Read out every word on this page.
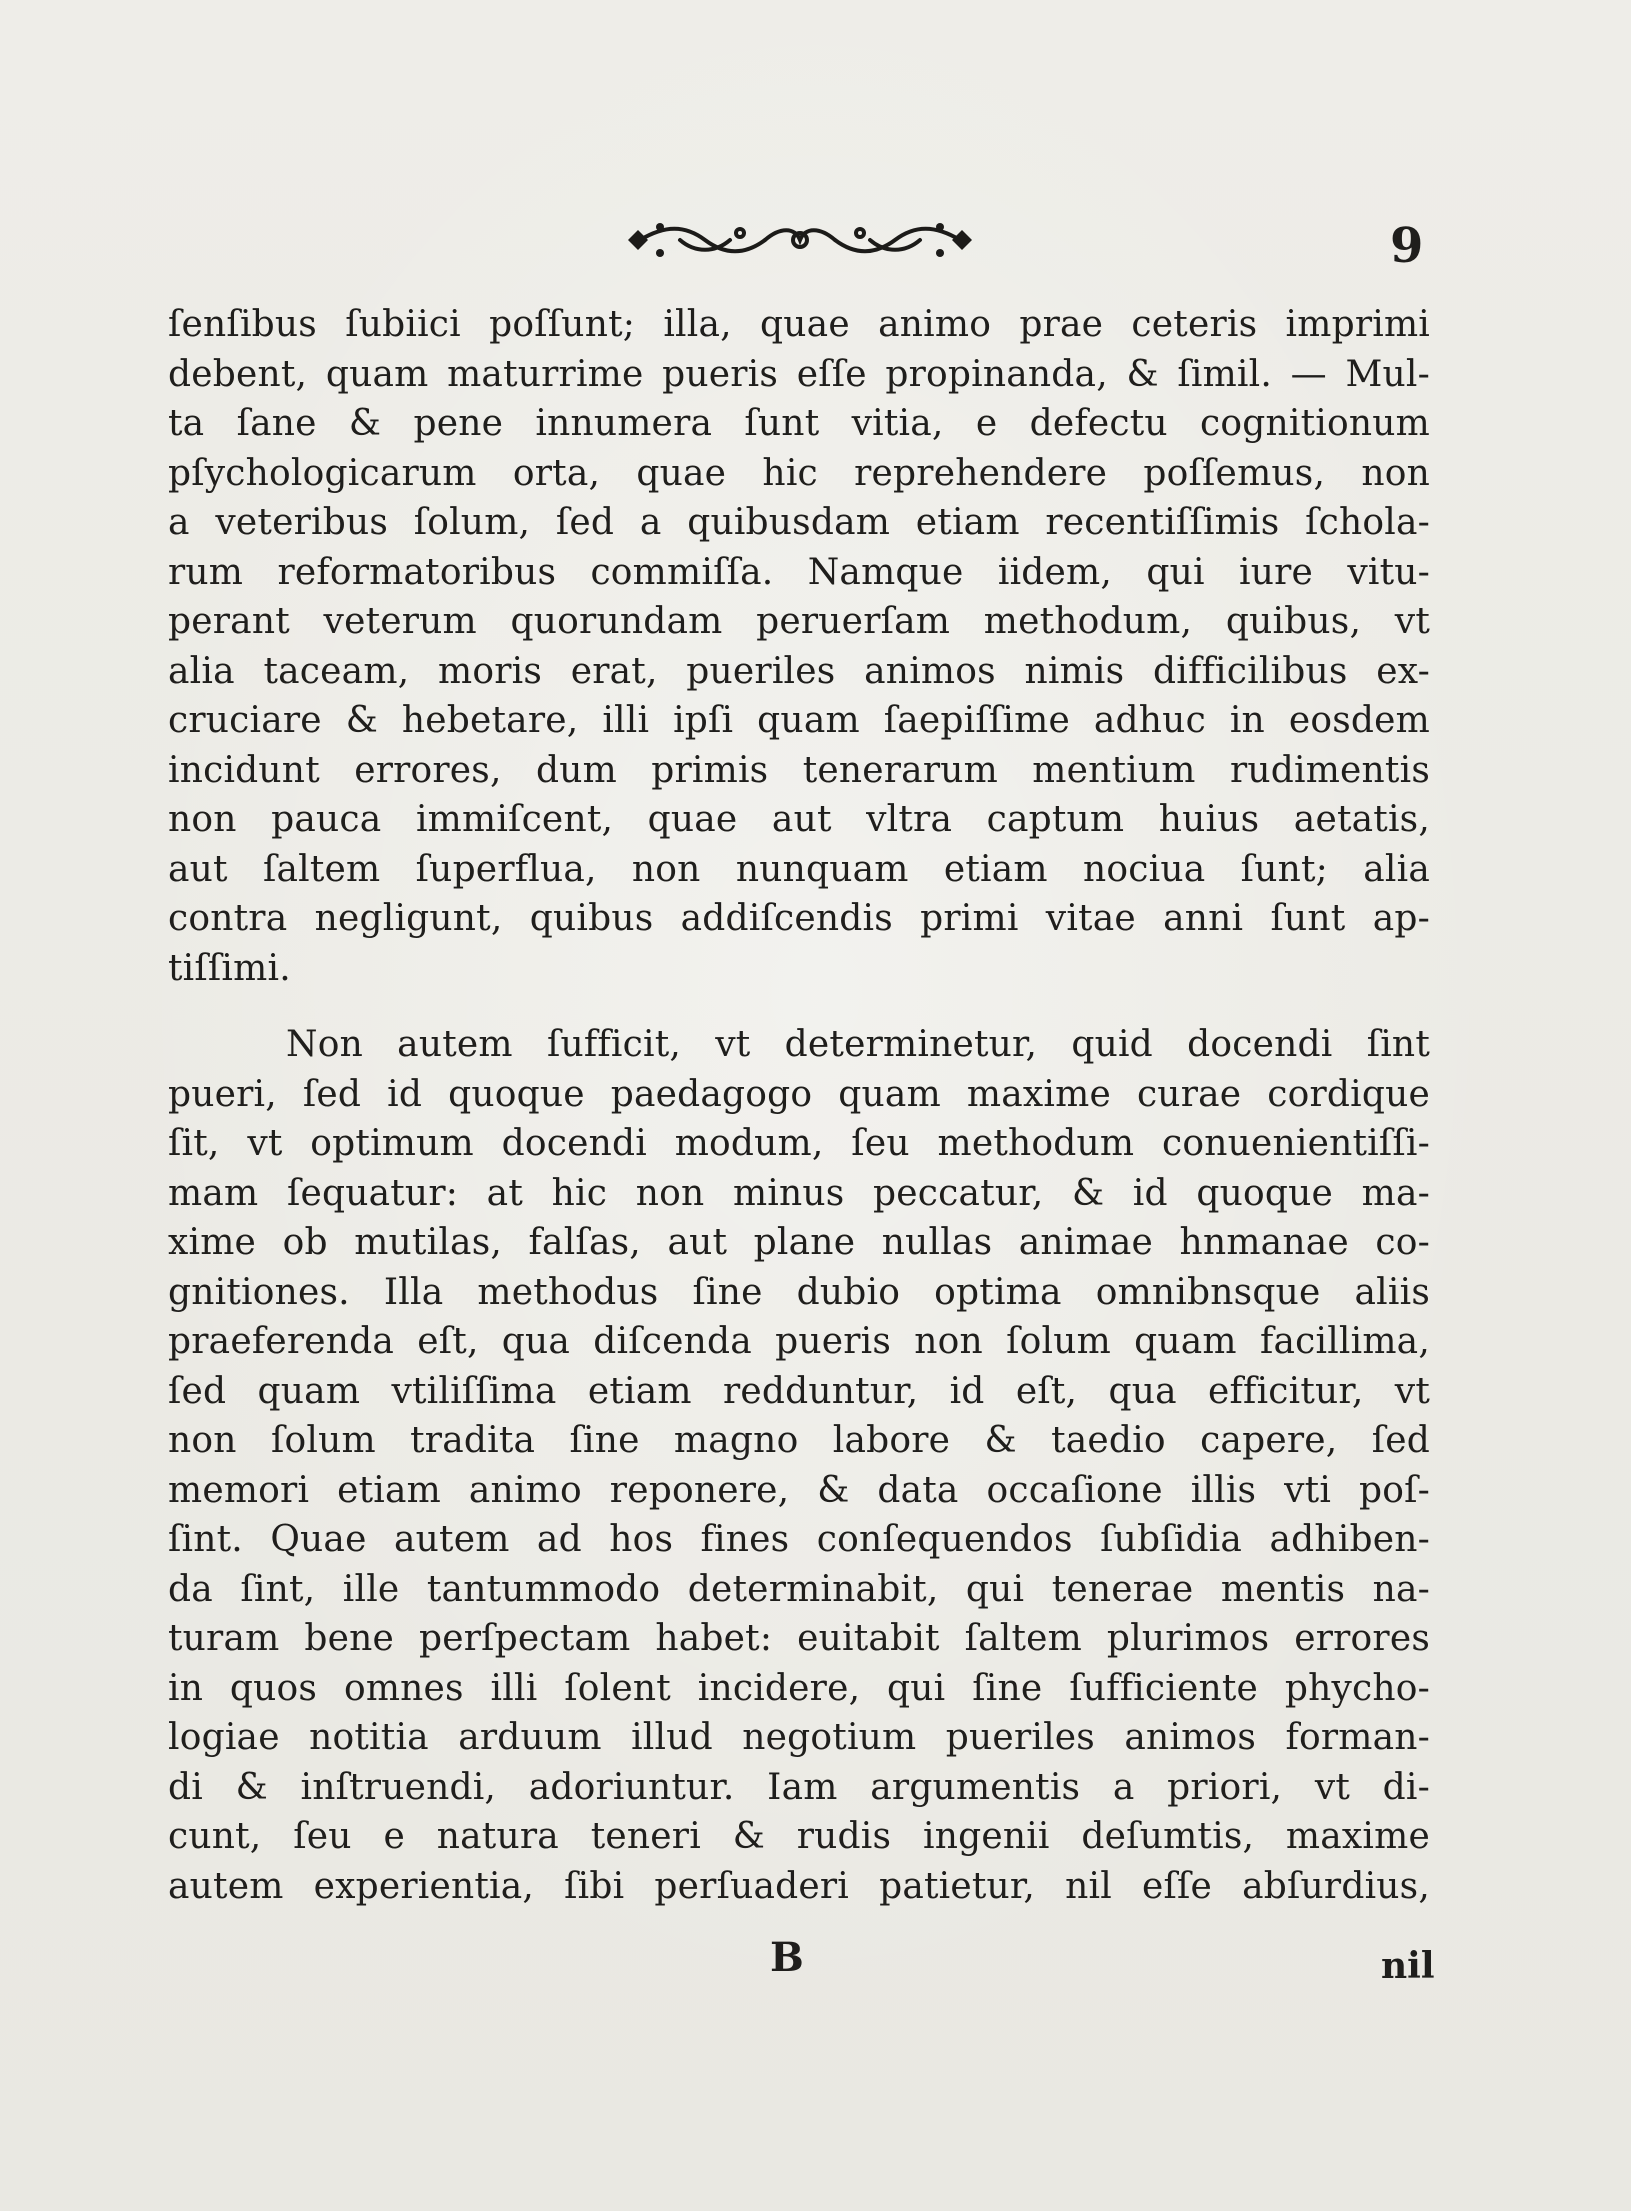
9
ſenſibus ſubiici poſſunt; illa, quae animo prae ceteris imprimi
debent, quam maturrime pueris eſſe propinanda, & ſimil. — Mul-
ta ſane & pene innumera ſunt vitia, e defectu cognitionum
pſychologicarum orta, quae hic reprehendere poſſemus, non
a veteribus ſolum, ſed a quibusdam etiam recentiſſimis ſchola-
rum reformatoribus commiſſa. Namque iidem, qui iure vitu-
perant veterum quorundam peruerſam methodum, quibus, vt
alia taceam, moris erat, pueriles animos nimis difficilibus ex-
cruciare & hebetare, illi ipſi quam ſaepiſſime adhuc in eosdem
incidunt errores, dum primis tenerarum mentium rudimentis
non pauca immiſcent, quae aut vltra captum huius aetatis,
aut ſaltem ſuperflua, non nunquam etiam nociua ſunt; alia
contra negligunt, quibus addiſcendis primi vitae anni ſunt ap-
tiſſimi.
Non autem ſufficit, vt determinetur, quid docendi ſint
pueri, ſed id quoque paedagogo quam maxime curae cordique
ſit, vt optimum docendi modum, ſeu methodum conuenientiſſi-
mam ſequatur: at hic non minus peccatur, & id quoque ma-
xime ob mutilas, falſas, aut plane nullas animae hnmanae co-
gnitiones. Illa methodus ſine dubio optima omnibnsque aliis
praeferenda eſt, qua diſcenda pueris non ſolum quam facillima,
ſed quam vtiliſſima etiam redduntur, id eſt, qua efficitur, vt
non ſolum tradita ſine magno labore & taedio capere, ſed
memori etiam animo reponere, & data occaſione illis vti poſ-
ſint. Quae autem ad hos fines conſequendos ſubſidia adhiben-
da ſint, ille tantummodo determinabit, qui tenerae mentis na-
turam bene perſpectam habet: euitabit ſaltem plurimos errores
in quos omnes illi ſolent incidere, qui ſine ſufficiente phycho-
logiae notitia arduum illud negotium pueriles animos forman-
di & inſtruendi, adoriuntur. Iam argumentis a priori, vt di-
cunt, ſeu e natura teneri & rudis ingenii deſumtis, maxime
autem experientia, ſibi perſuaderi patietur, nil eſſe abſurdius,
B	nil
